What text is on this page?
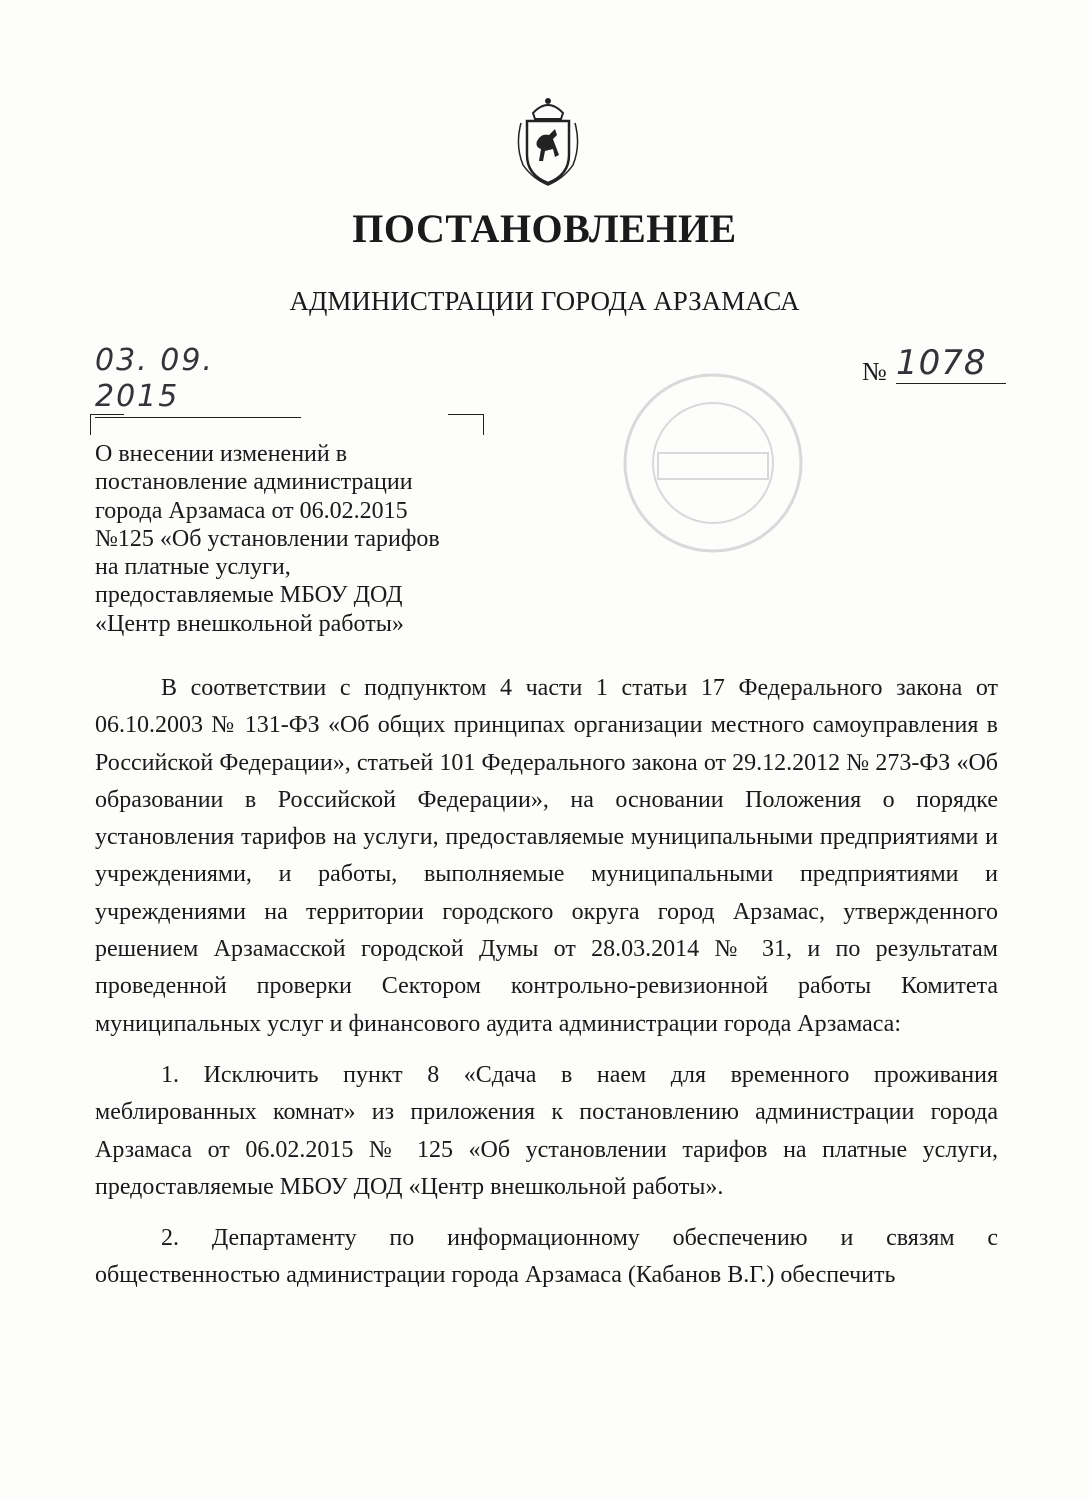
ПОСТАНОВЛЕНИЕ
АДМИНИСТРАЦИИ ГОРОДА АРЗАМАСА
03. 09. 2015
№ 1078
О внесении изменений в
постановление администрации
города Арзамаса от 06.02.2015
№125 «Об установлении тарифов
на платные услуги,
предоставляемые МБОУ ДОД
«Центр внешкольной работы»

В соответствии с подпунктом 4 части 1 статьи 17 Федерального закона от 06.10.2003 № 131-ФЗ «Об общих принципах организации местного самоуправления в Российской Федерации», статьей 101 Федерального закона от 29.12.2012 № 273-ФЗ «Об образовании в Российской Федерации», на основании Положения о порядке установления тарифов на услуги, предоставляемые муниципальными предприятиями и учреждениями, и работы, выполняемые муниципальными предприятиями и учреждениями на территории городского округа город Арзамас, утвержденного решением Арзамасской городской Думы от 28.03.2014 № 31, и по результатам проведенной проверки Сектором контрольно-ревизионной работы Комитета муниципальных услуг и финансового аудита администрации города Арзамаса:

1. Исключить пункт 8 «Сдача в наем для временного проживания меблированных комнат» из приложения к постановлению администрации города Арзамаса от 06.02.2015 № 125 «Об установлении тарифов на платные услуги, предоставляемые МБОУ ДОД «Центр внешкольной работы».

2. Департаменту по информационному обеспечению и связям с общественностью администрации города Арзамаса (Кабанов В.Г.) обеспечить
